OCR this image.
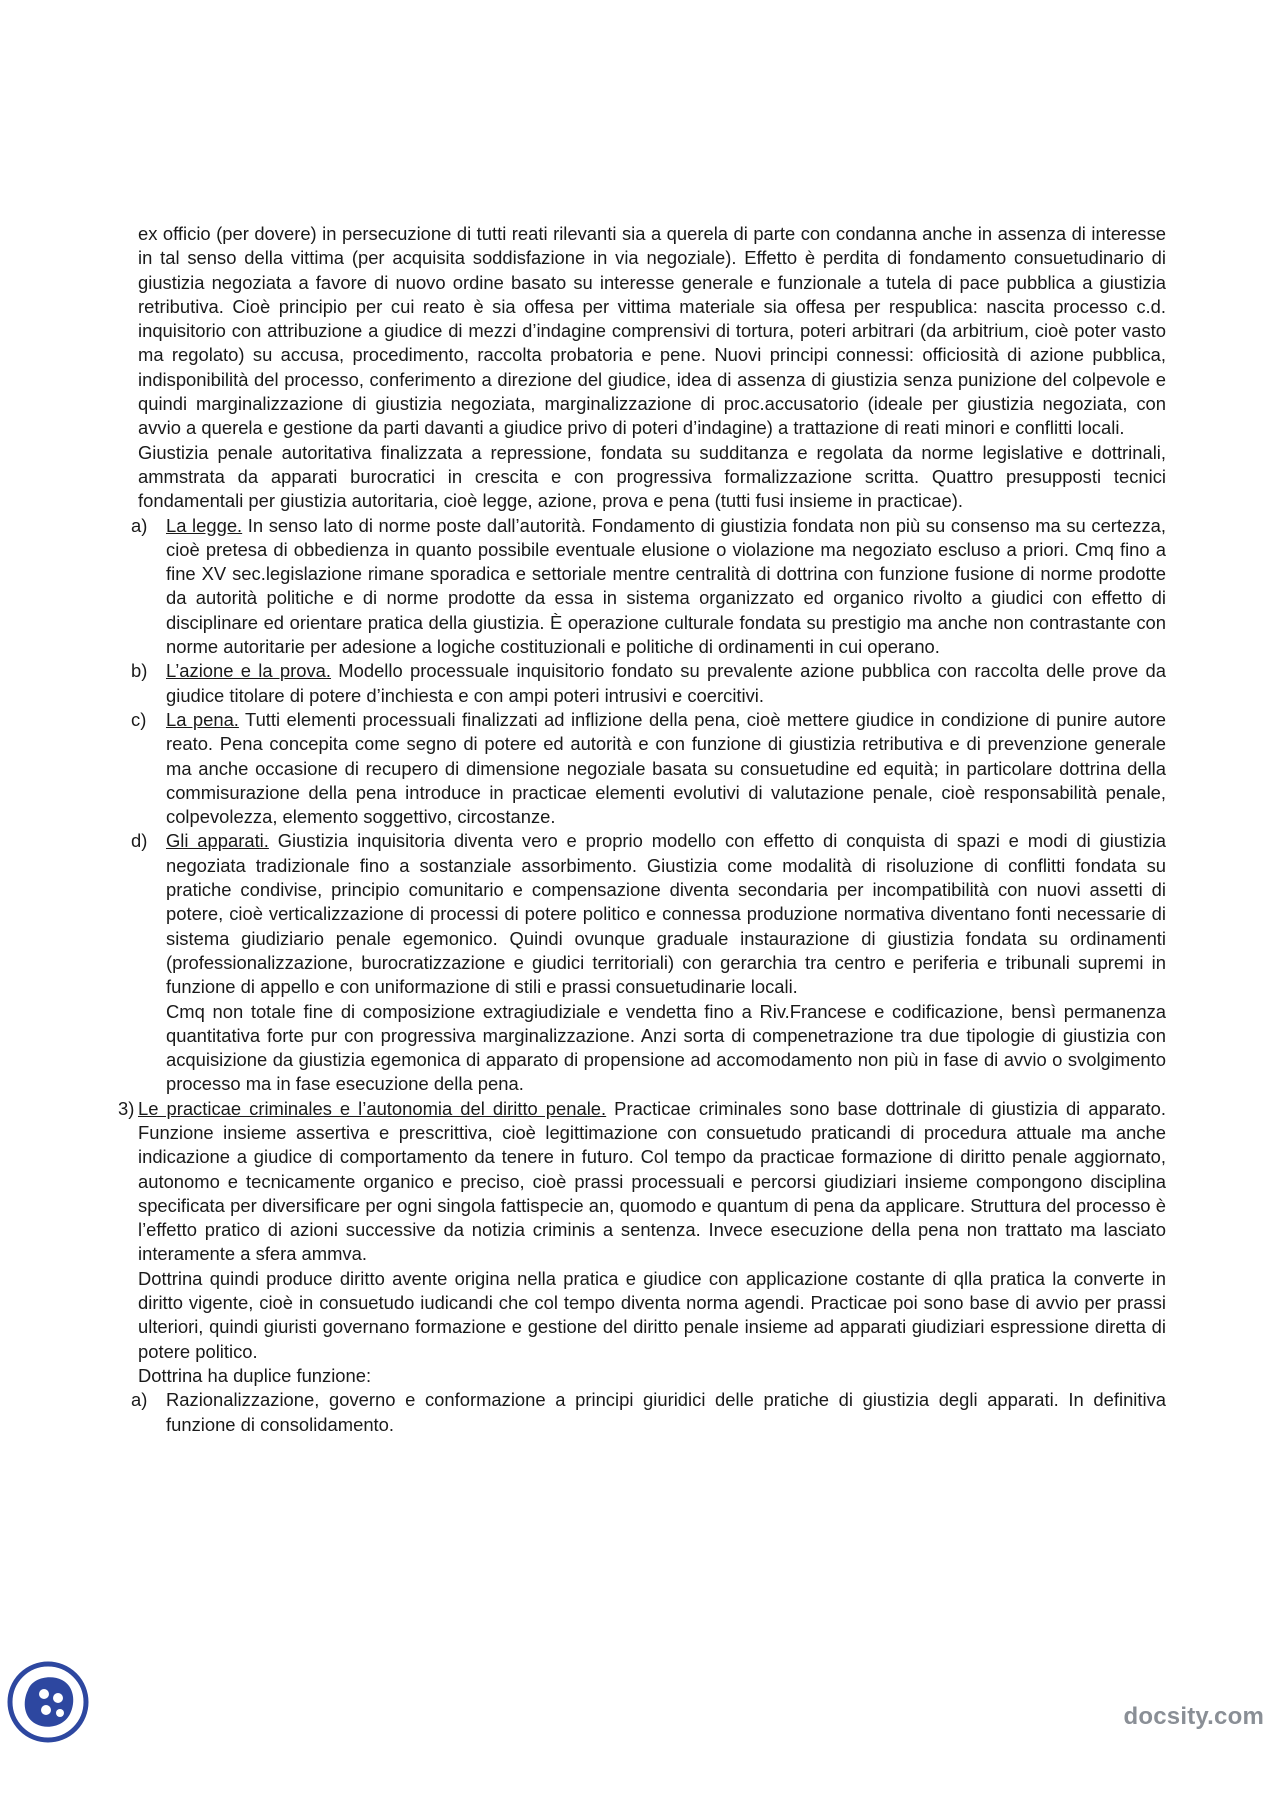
ex officio (per dovere) in persecuzione di tutti reati rilevanti sia a querela di parte con condanna anche in assenza di interesse in tal senso della vittima (per acquisita soddisfazione in via negoziale). Effetto è perdita di fondamento consuetudinario di giustizia negoziata a favore di nuovo ordine basato su interesse generale e funzionale a tutela di pace pubblica a giustizia retributiva. Cioè principio per cui reato è sia offesa per vittima materiale sia offesa per respublica: nascita processo c.d. inquisitorio con attribuzione a giudice di mezzi d’indagine comprensivi di tortura, poteri arbitrari (da arbitrium, cioè poter vasto ma regolato) su accusa, procedimento, raccolta probatoria e pene. Nuovi principi connessi: officiosità di azione pubblica, indisponibilità del processo, conferimento a direzione del giudice, idea di assenza di giustizia senza punizione del colpevole e quindi marginalizzazione di giustizia negoziata, marginalizzazione di proc.accusatorio (ideale per giustizia negoziata, con avvio a querela e gestione da parti davanti a giudice privo di poteri d’indagine) a trattazione di reati minori e conflitti locali.

Giustizia penale autoritativa finalizzata a repressione, fondata su sudditanza e regolata da norme legislative e dottrinali, ammstrata da apparati burocratici in crescita e con progressiva formalizzazione scritta. Quattro presupposti tecnici fondamentali per giustizia autoritaria, cioè legge, azione, prova e pena (tutti fusi insieme in practicae).

a) La legge. In senso lato di norme poste dall’autorità. Fondamento di giustizia fondata non più su consenso ma su certezza, cioè pretesa di obbedienza in quanto possibile eventuale elusione o violazione ma negoziato escluso a priori. Cmq fino a fine XV sec.legislazione rimane sporadica e settoriale mentre centralità di dottrina con funzione fusione di norme prodotte da autorità politiche e di norme prodotte da essa in sistema organizzato ed organico rivolto a giudici con effetto di disciplinare ed orientare pratica della giustizia. È operazione culturale fondata su prestigio ma anche non contrastante con norme autoritarie per adesione a logiche costituzionali e politiche di ordinamenti in cui operano.
b) L’azione e la prova. Modello processuale inquisitorio fondato su prevalente azione pubblica con raccolta delle prove da giudice titolare di potere d’inchiesta e con ampi poteri intrusivi e coercitivi.
c) La pena. Tutti elementi processuali finalizzati ad inflizione della pena, cioè mettere giudice in condizione di punire autore reato. Pena concepita come segno di potere ed autorità e con funzione di giustizia retributiva e di prevenzione generale ma anche occasione di recupero di dimensione negoziale basata su consuetudine ed equità; in particolare dottrina della commisurazione della pena introduce in practicae elementi evolutivi di valutazione penale, cioè responsabilità penale, colpevolezza, elemento soggettivo, circostanze.
d) Gli apparati. Giustizia inquisitoria diventa vero e proprio modello con effetto di conquista di spazi e modi di giustizia negoziata tradizionale fino a sostanziale assorbimento. Giustizia come modalità di risoluzione di conflitti fondata su pratiche condivise, principio comunitario e compensazione diventa secondaria per incompatibilità con nuovi assetti di potere, cioè verticalizzazione di processi di potere politico e connessa produzione normativa diventano fonti necessarie di sistema giudiziario penale egemonico. Quindi ovunque graduale instaurazione di giustizia fondata su ordinamenti (professionalizzazione, burocratizzazione e giudici territoriali) con gerarchia tra centro e periferia e tribunali supremi in funzione di appello e con uniformazione di stili e prassi consuetudinarie locali.

Cmq non totale fine di composizione extragiudiziale e vendetta fino a Riv.Francese e codificazione, bensì permanenza quantitativa forte pur con progressiva marginalizzazione. Anzi sorta di compenetrazione tra due tipologie di giustizia con acquisizione da giustizia egemonica di apparato di propensione ad accomodamento non più in fase di avvio o svolgimento processo ma in fase esecuzione della pena.

3) Le practicae criminales e l’autonomia del diritto penale. Practicae criminales sono base dottrinale di giustizia di apparato. Funzione insieme assertiva e prescrittiva, cioè legittimazione con consuetudo praticandi di procedura attuale ma anche indicazione a giudice di comportamento da tenere in futuro. Col tempo da practicae formazione di diritto penale aggiornato, autonomo e tecnicamente organico e preciso, cioè prassi processuali e percorsi giudiziari insieme compongono disciplina specificata per diversificare per ogni singola fattispecie an, quomodo e quantum di pena da applicare. Struttura del processo è l’effetto pratico di azioni successive da notizia criminis a sentenza. Invece esecuzione della pena non trattato ma lasciato interamente a sfera ammva.

Dottrina quindi produce diritto avente origina nella pratica e giudice con applicazione costante di qlla pratica la converte in diritto vigente, cioè in consuetudo iudicandi che col tempo diventa norma agendi. Practicae poi sono base di avvio per prassi ulteriori, quindi giuristi governano formazione e gestione del diritto penale insieme ad apparati giudiziari espressione diretta di potere politico.

Dottrina ha duplice funzione:

a) Razionalizzazione, governo e conformazione a principi giuridici delle pratiche di giustizia degli apparati. In definitiva funzione di consolidamento.
docsity.com
